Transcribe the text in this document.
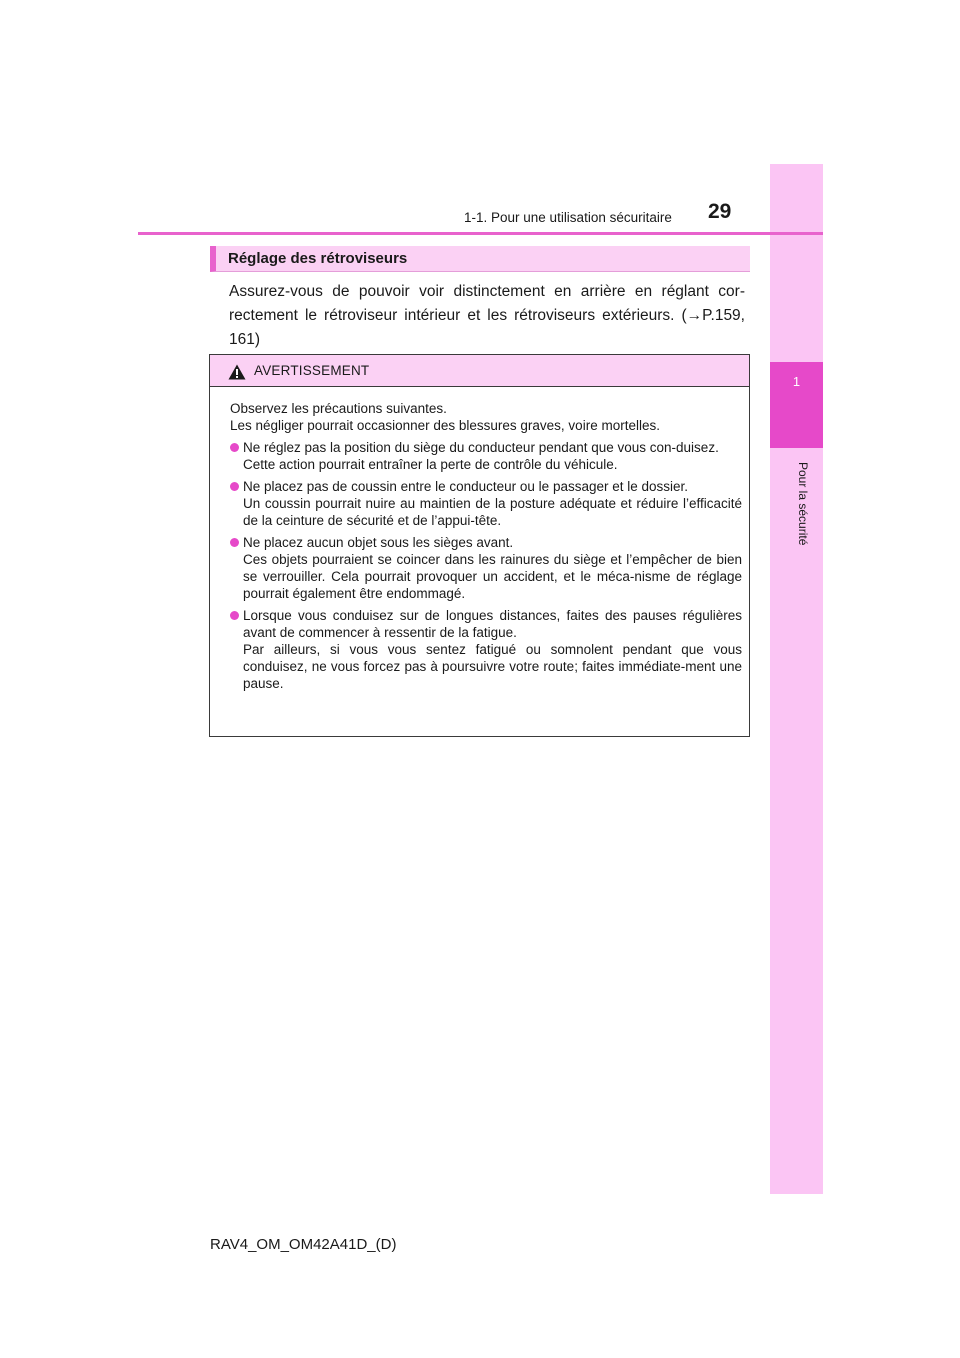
1
Pour la sécurité
1-1. Pour une utilisation sécuritaire 29
Réglage des rétroviseurs
Assurez-vous de pouvoir voir distinctement en arrière en réglant cor-rectement le rétroviseur intérieur et les rétroviseurs extérieurs. (→P.159, 161)
AVERTISSEMENT

Observez les précautions suivantes.

Les négliger pourrait occasionner des blessures graves, voire mortelles.

Ne réglez pas la position du siège du conducteur pendant que vous con-duisez.

Cette action pourrait entraîner la perte de contrôle du véhicule.

Ne placez pas de coussin entre le conducteur ou le passager et le dossier.

Un coussin pourrait nuire au maintien de la posture adéquate et réduire l’efficacité de la ceinture de sécurité et de l’appui-tête.

Ne placez aucun objet sous les sièges avant.

Ces objets pourraient se coincer dans les rainures du siège et l’empêcher de bien se verrouiller. Cela pourrait provoquer un accident, et le méca-nisme de réglage pourrait également être endommagé.

Lorsque vous conduisez sur de longues distances, faites des pauses régulières avant de commencer à ressentir de la fatigue.

Par ailleurs, si vous vous sentez fatigué ou somnolent pendant que vous conduisez, ne vous forcez pas à poursuivre votre route; faites immédiate-ment une pause.

RAV4_OM_OM42A41D_(D)
